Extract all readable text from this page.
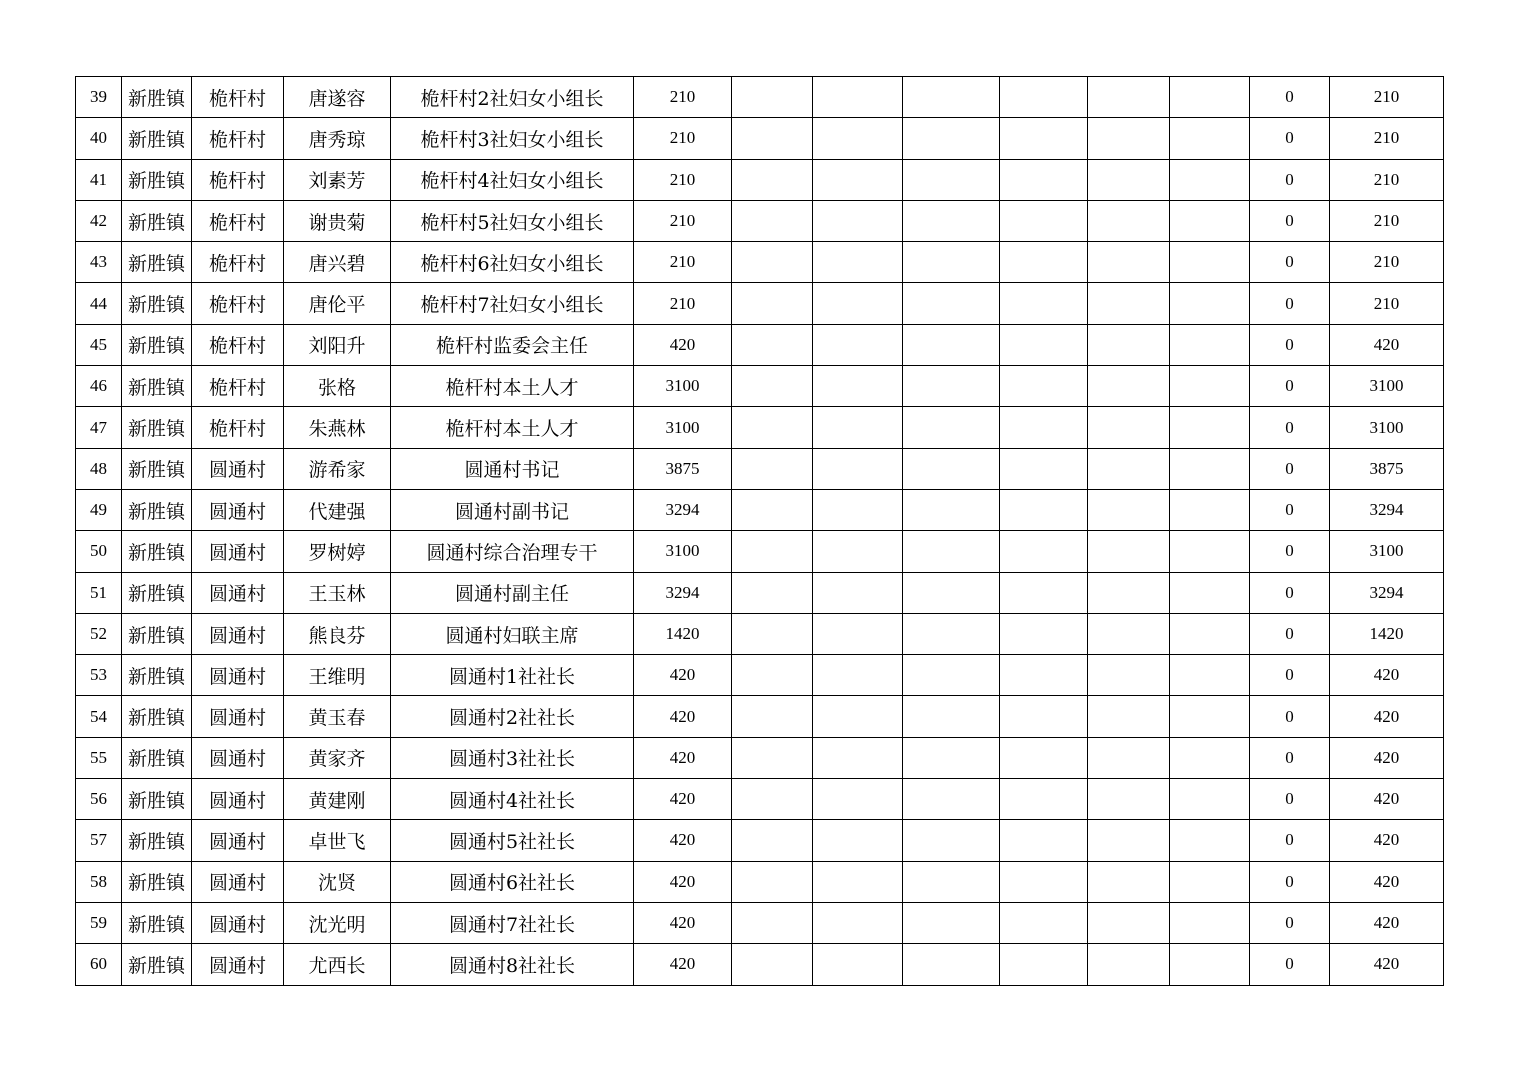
39	新胜镇	桅杆村	唐遂容	桅杆村2社妇女小组长	210							0	210
40	新胜镇	桅杆村	唐秀琼	桅杆村3社妇女小组长	210							0	210
41	新胜镇	桅杆村	刘素芳	桅杆村4社妇女小组长	210							0	210
42	新胜镇	桅杆村	谢贵菊	桅杆村5社妇女小组长	210							0	210
43	新胜镇	桅杆村	唐兴碧	桅杆村6社妇女小组长	210							0	210
44	新胜镇	桅杆村	唐伦平	桅杆村7社妇女小组长	210							0	210
45	新胜镇	桅杆村	刘阳升	桅杆村监委会主任	420							0	420
46	新胜镇	桅杆村	张格	桅杆村本土人才	3100							0	3100
47	新胜镇	桅杆村	朱燕林	桅杆村本土人才	3100							0	3100
48	新胜镇	圆通村	游希家	圆通村书记	3875							0	3875
49	新胜镇	圆通村	代建强	圆通村副书记	3294							0	3294
50	新胜镇	圆通村	罗树婷	圆通村综合治理专干	3100							0	3100
51	新胜镇	圆通村	王玉林	圆通村副主任	3294							0	3294
52	新胜镇	圆通村	熊良芬	圆通村妇联主席	1420							0	1420
53	新胜镇	圆通村	王维明	圆通村1社社长	420							0	420
54	新胜镇	圆通村	黄玉春	圆通村2社社长	420							0	420
55	新胜镇	圆通村	黄家齐	圆通村3社社长	420							0	420
56	新胜镇	圆通村	黄建刚	圆通村4社社长	420							0	420
57	新胜镇	圆通村	卓世飞	圆通村5社社长	420							0	420
58	新胜镇	圆通村	沈贤	圆通村6社社长	420							0	420
59	新胜镇	圆通村	沈光明	圆通村7社社长	420							0	420
60	新胜镇	圆通村	尤西长	圆通村8社社长	420							0	420
